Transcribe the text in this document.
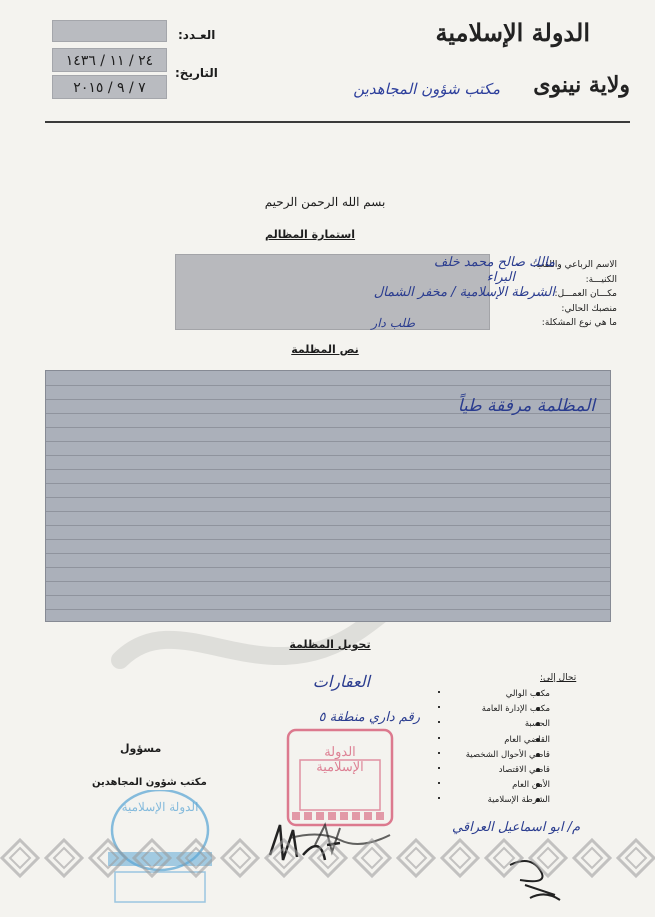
الدولة الإسلامية
ولاية نينوى
مكتب شؤون المجاهدين
العـدد:
التاريخ:
٢٤ / ١١ / ١٤٣٦
٧ / ٩ / ٢٠١٥
بسم الله الرحمن الرحيم
استمارة المظالم
الاسم الرباعي واللقب:
الكنيـــة:
مكـــان العمـــل:
منصبك الحالي:
ما هي نوع المشكلة:
مالك صالح محمد خلف
البراء
الشرطة الإسلامية / مخفر الشمال
طلب دار
نص المظلمة
المظلمة مرفقة طياً
تحويل المظلمة
تحال إلى:
مكتب الوالي
مكتب الإدارة العامة
الحسبة
القاضي العام
قاضي الأحوال الشخصية
قاضي الاقتصاد
الأمن العام
الشرطة الإسلامية
العقارات
رقم داري منطقة ٥
مسؤول
مكتب شؤون المجاهدين
م/ ابو اسماعيل العراقي
الدولة الإسلامية
الدولة الإسلامية
